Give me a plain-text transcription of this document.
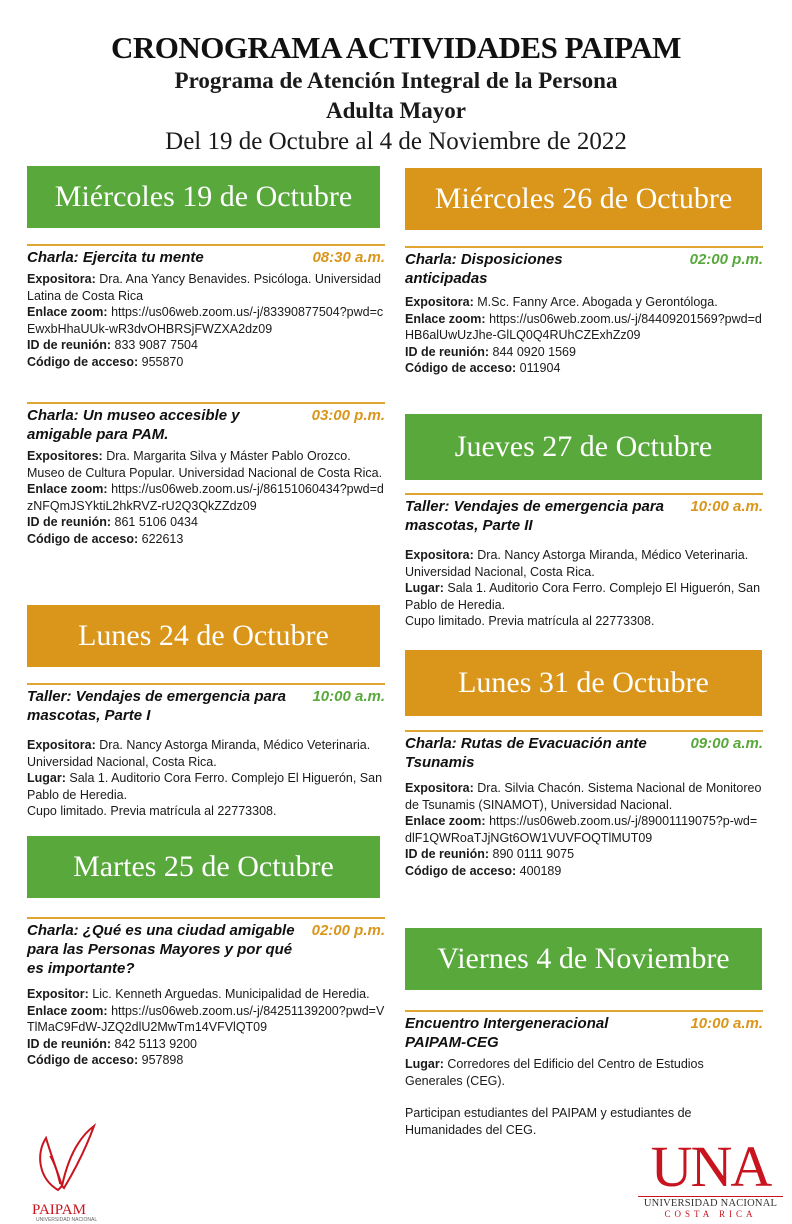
CRONOGRAMA ACTIVIDADES PAIPAM
Programa de Atención Integral de la Persona
Adulta Mayor
Del 19 de Octubre al 4 de Noviembre de 2022
Miércoles 19 de Octubre
Lunes 24 de Octubre
Martes 25 de Octubre
Miércoles 26 de Octubre
Jueves 27 de Octubre
Lunes 31 de Octubre
Viernes 4 de Noviembre
Charla: Ejercita tu mente	08:30 a.m.
Expositora: Dra. Ana Yancy Benavides. Psicóloga. Universidad Latina de Costa Rica
Enlace zoom: https://us06web.zoom.us/-j/83390877504?pwd=cEwxbHhaUUk-wR3dvOHBRSjFWZXA2dz09
ID de reunión: 833 9087 7504
Código de acceso: 955870
Charla: Un museo accesible y amigable para PAM.
03:00 p.m.
Expositores: Dra. Margarita Silva y Máster Pablo Orozco. Museo de Cultura Popular. Universidad Nacional de Costa Rica.
Enlace zoom: https://us06web.zoom.us/-j/86151060434?pwd=dzNFQmJSYktiL2hkRVZ-rU2Q3QkZZdz09
ID de reunión: 861 5106 0434
Código de acceso: 622613
Taller: Vendajes de emergencia para mascotas, Parte I
10:00 a.m.
Expositora: Dra. Nancy Astorga Miranda, Médico Veterinaria. Universidad Nacional, Costa Rica.
Lugar: Sala 1. Auditorio Cora Ferro. Complejo El Higuerón, San Pablo de Heredia.
Cupo limitado. Previa matrícula al 22773308.
Charla: ¿Qué es una ciudad amigable para las Personas Mayores y por qué es importante?
02:00 p.m.
Expositor: Lic. Kenneth Arguedas. Municipalidad de Heredia.
Enlace zoom: https://us06web.zoom.us/-j/84251139200?pwd=VTlMaC9FdW-JZQ2dlU2MwTm14VFVlQT09
ID de reunión: 842 5113 9200
Código de acceso: 957898
Charla: Disposiciones anticipadas
02:00 p.m.
Expositora: M.Sc. Fanny Arce. Abogada y Gerontóloga.
Enlace zoom: https://us06web.zoom.us/-j/84409201569?pwd=dHB6alUwUzJhe-GlLQ0Q4RUhCZExhZz09
ID de reunión: 844 0920 1569
Código de acceso: 011904
Taller: Vendajes de emergencia para mascotas, Parte II
10:00 a.m.
Expositora: Dra. Nancy Astorga Miranda, Médico Veterinaria. Universidad Nacional, Costa Rica.
Lugar: Sala 1. Auditorio Cora Ferro. Complejo El Higuerón, San Pablo de Heredia.
Cupo limitado. Previa matrícula al 22773308.
Charla: Rutas de Evacuación ante Tsunamis
09:00 a.m.
Expositora: Dra. Silvia Chacón. Sistema Nacional de Monitoreo de Tsunamis (SINAMOT), Universidad Nacional.
Enlace zoom: https://us06web.zoom.us/-j/89001119075?p-wd=dlF1QWRoaTJjNGt6OW1VUVFOQTlMUT09
ID de reunión: 890 0111 9075
Código de acceso: 400189
Encuentro Intergeneracional PAIPAM-CEG
10:00 a.m.
Lugar: Corredores del Edificio del Centro de Estudios Generales (CEG).

Participan estudiantes del PAIPAM y estudiantes de Humanidades del CEG.
PAIPAM
UNIVERSIDAD NACIONAL
UNA
UNIVERSIDAD NACIONAL
COSTA RICA
